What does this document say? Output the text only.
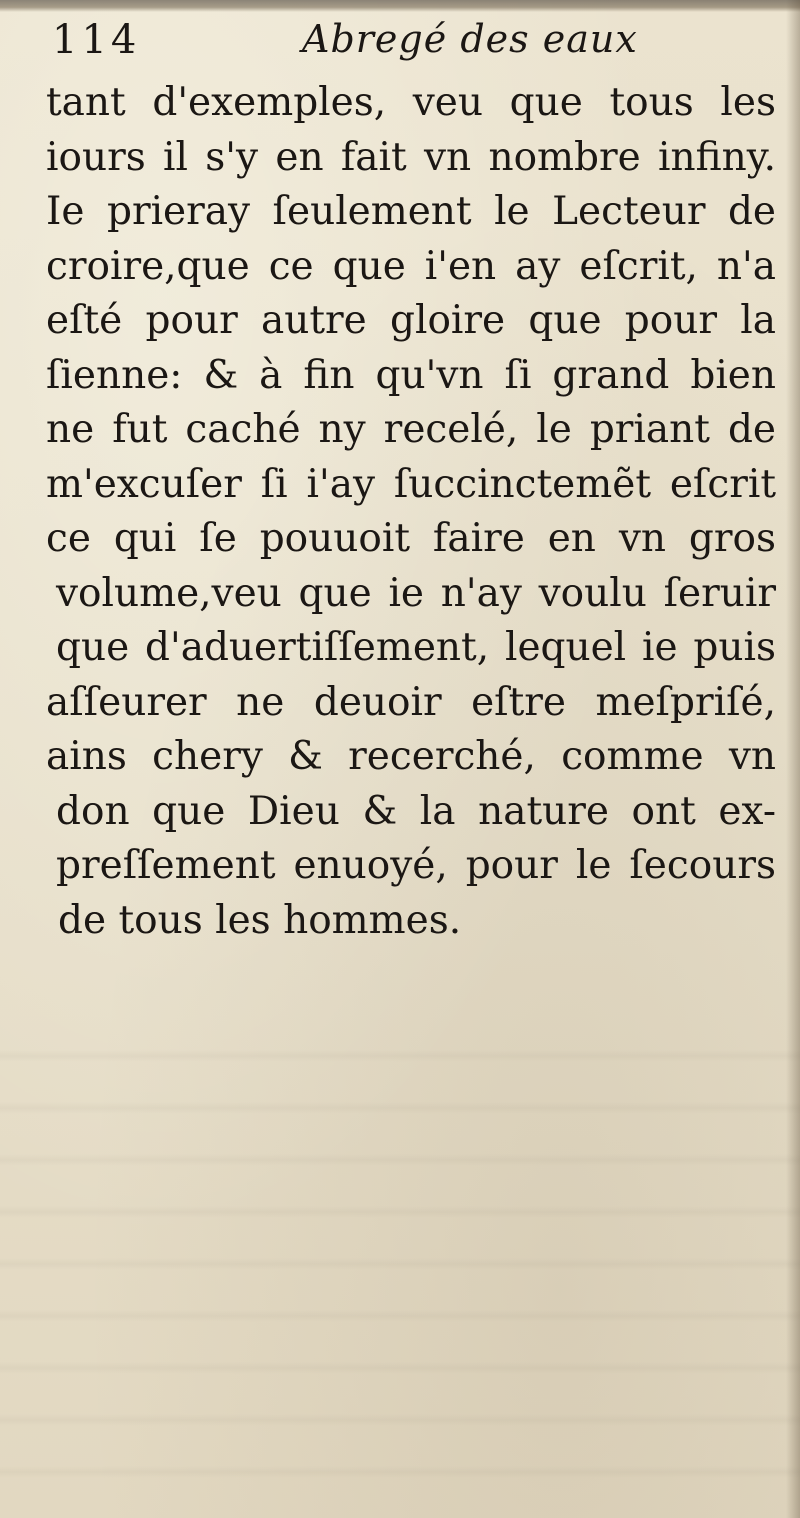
114	Abregé des eaux
tant d'exemples, veu que tous les
iours il s'y en fait vn nombre infiny.
Ie prieray ſeulement le Lecteur de
croire,que ce que i'en ay eſcrit, n'a
eſté pour autre gloire que pour la
ſienne: & à fin qu'vn ſi grand bien
ne fut caché ny recelé, le priant de
m'excuſer ſi i'ay ſuccinctemẽt eſcrit
ce qui ſe pouuoit faire en vn gros
volume,veu que ie n'ay voulu ſeruir
que d'aduertiſſement, lequel ie puis
aſſeurer ne deuoir eſtre meſpriſé,
ains chery & recerché, comme vn
don que Dieu & la nature ont ex-
preſſement enuoyé, pour le ſecours
de tous les hommes.
